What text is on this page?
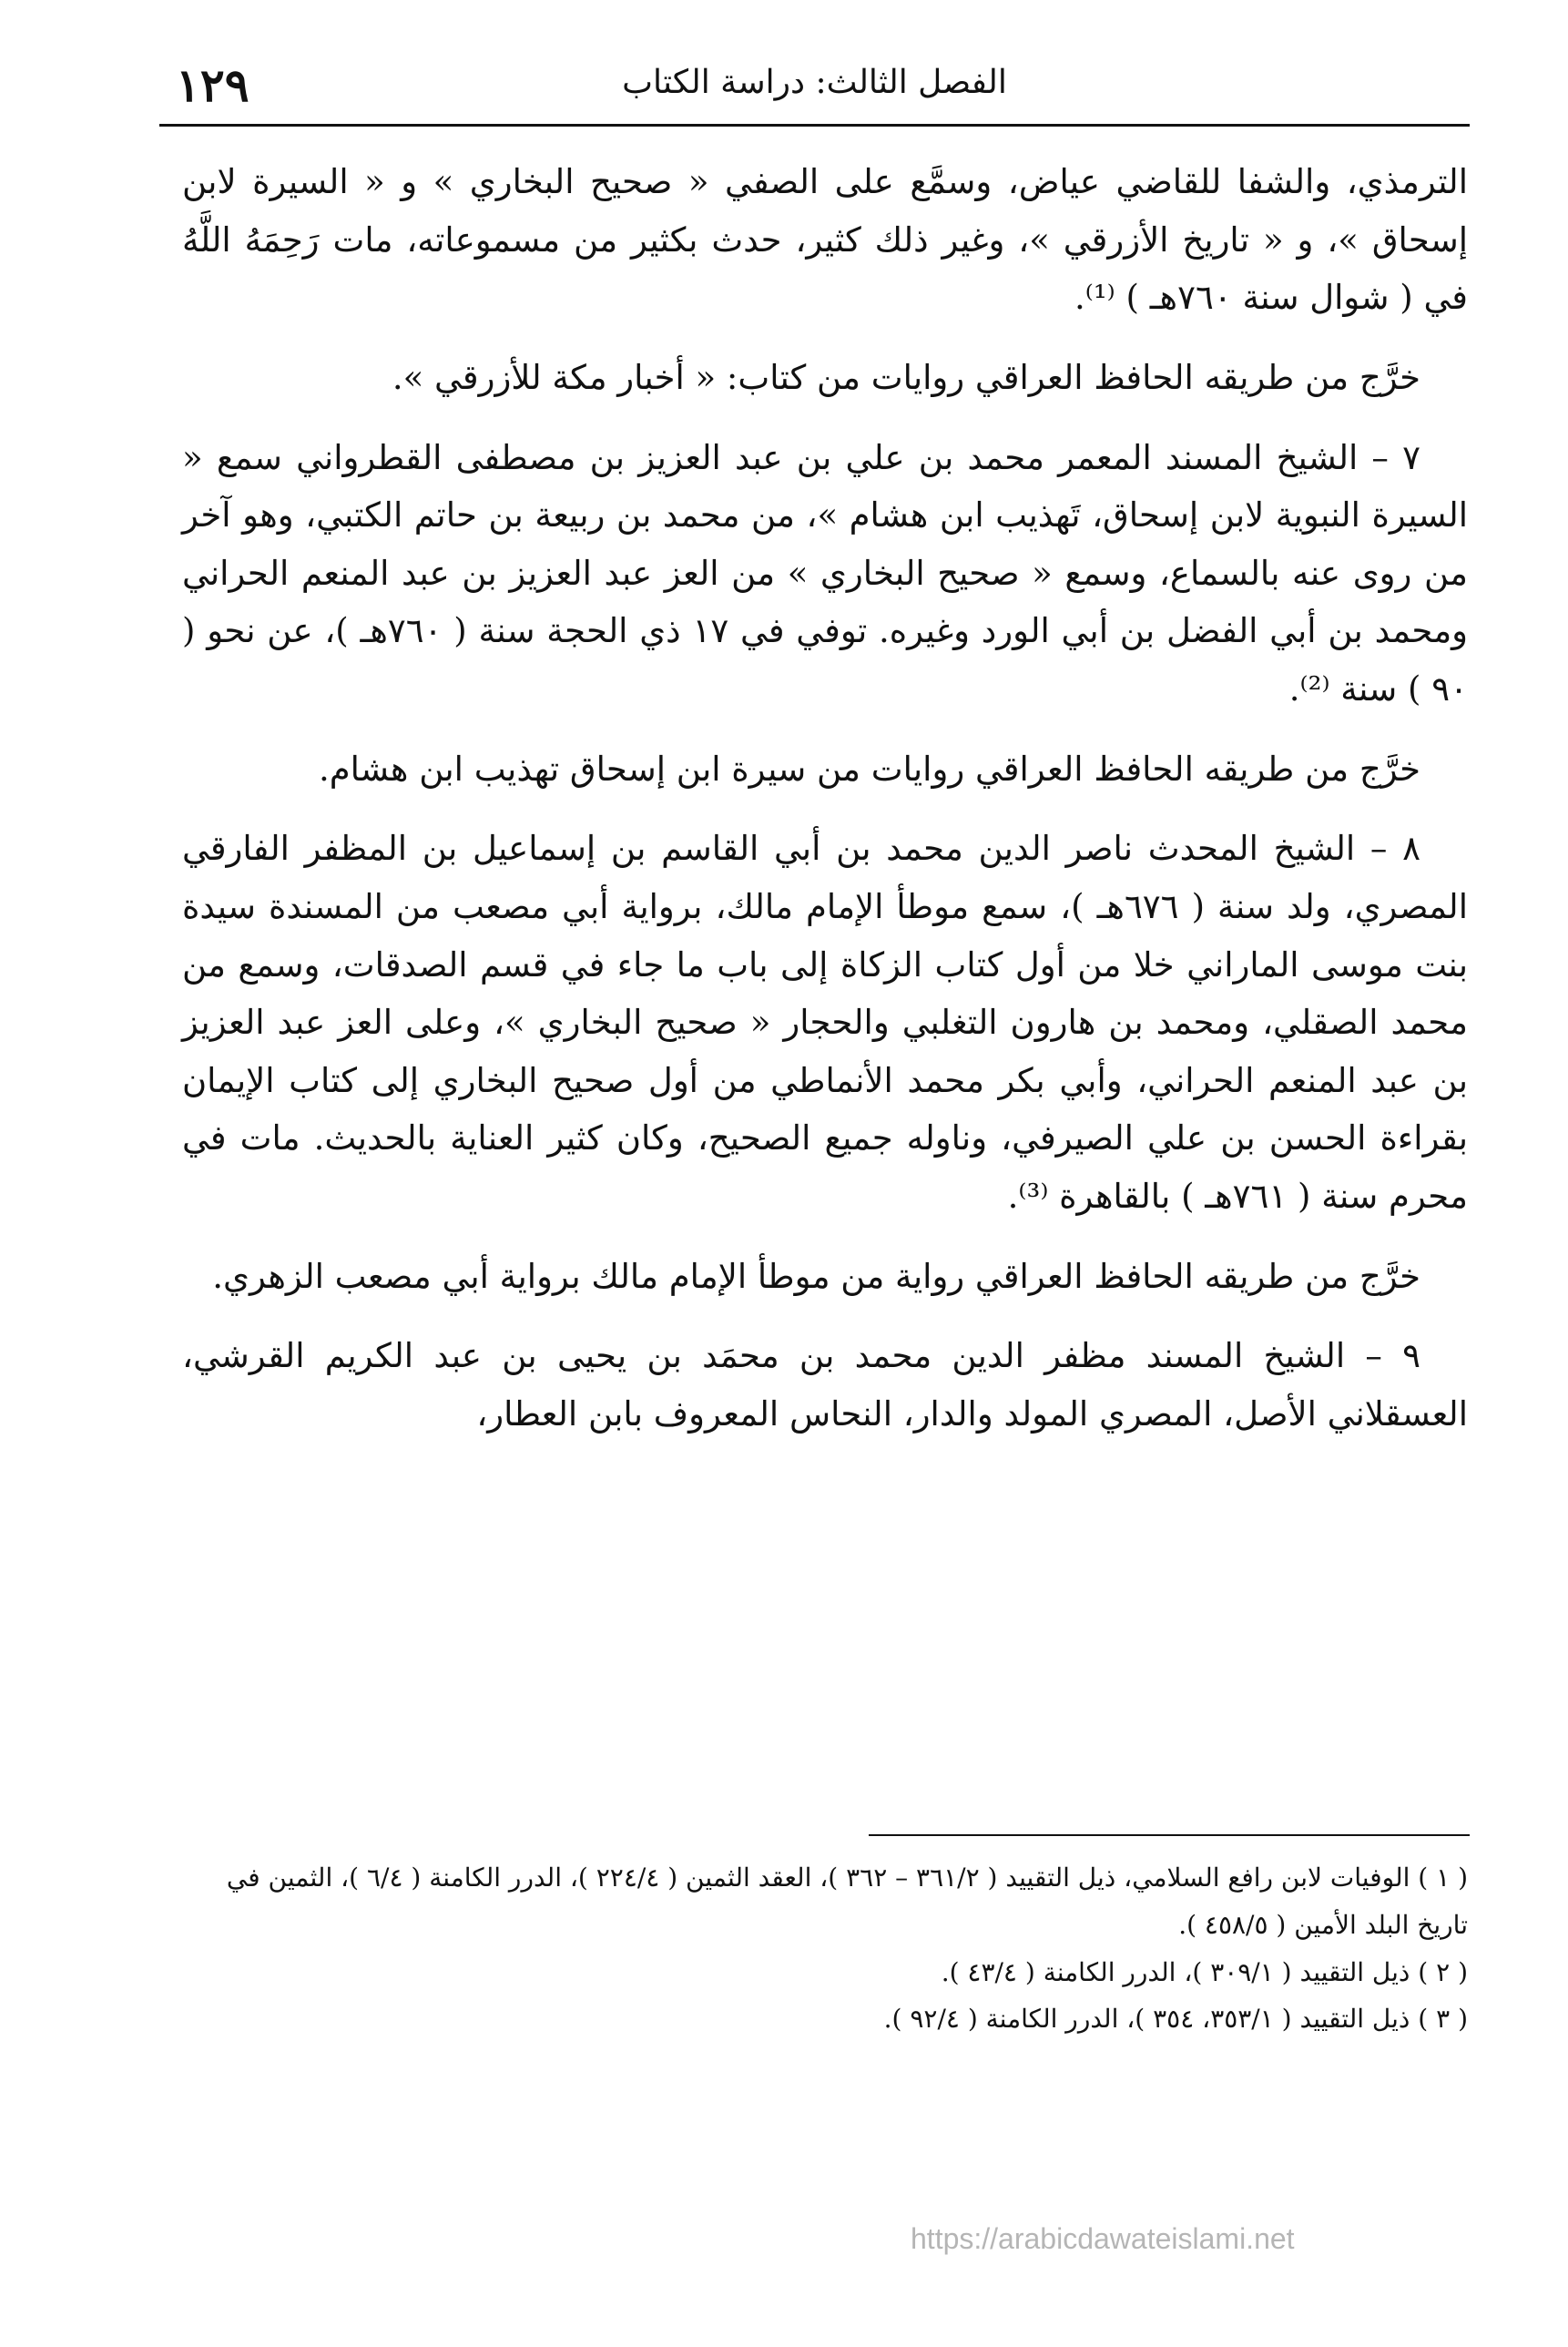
١٢٩	الفصل الثالث: دراسة الكتاب

الترمذي، والشفا للقاضي عياض، وسمَّع على الصفي « صحيح البخاري » و « السيرة لابن إسحاق »، و « تاريخ الأزرقي »، وغير ذلك كثير، حدث بكثير من مسموعاته، مات رَحِمَهُ اللَّهُ في ( شوال سنة ٧٦٠هـ ) ⁽¹⁾.

خرَّج من طريقه الحافظ العراقي روايات من كتاب: « أخبار مكة للأزرقي ».

٧ – الشيخ المسند المعمر محمد بن علي بن عبد العزيز بن مصطفى القطرواني سمع « السيرة النبوية لابن إسحاق، تَهذيب ابن هشام »، من محمد بن ربيعة بن حاتم الكتبي، وهو آخر من روى عنه بالسماع، وسمع « صحيح البخاري » من العز عبد العزيز بن عبد المنعم الحراني ومحمد بن أبي الفضل بن أبي الورد وغيره. توفي في ١٧ ذي الحجة سنة ( ٧٦٠هـ )، عن نحو ( ٩٠ ) سنة ⁽²⁾.

خرَّج من طريقه الحافظ العراقي روايات من سيرة ابن إسحاق تهذيب ابن هشام.

٨ – الشيخ المحدث ناصر الدين محمد بن أبي القاسم بن إسماعيل بن المظفر الفارقي المصري، ولد سنة ( ٦٧٦هـ )، سمع موطأ الإمام مالك، برواية أبي مصعب من المسندة سيدة بنت موسى الماراني خلا من أول كتاب الزكاة إلى باب ما جاء في قسم الصدقات، وسمع من محمد الصقلي، ومحمد بن هارون التغلبي والحجار « صحيح البخاري »، وعلى العز عبد العزيز بن عبد المنعم الحراني، وأبي بكر محمد الأنماطي من أول صحيح البخاري إلى كتاب الإيمان بقراءة الحسن بن علي الصيرفي، وناوله جميع الصحيح، وكان كثير العناية بالحديث. مات في محرم سنة ( ٧٦١هـ ) بالقاهرة ⁽³⁾.

خرَّج من طريقه الحافظ العراقي رواية من موطأ الإمام مالك برواية أبي مصعب الزهري.

٩ – الشيخ المسند مظفر الدين محمد بن محمَد بن يحيى بن عبد الكريم القرشي، العسقلاني الأصل، المصري المولد والدار، النحاس المعروف بابن العطار،

( ١ ) الوفيات لابن رافع السلامي، ذيل التقييد ( ٣٦١/٢ – ٣٦٢ )، العقد الثمين ( ٢٢٤/٤ )، الدرر الكامنة ( ٦/٤ )، الثمين في تاريخ البلد الأمين ( ٤٥٨/٥ ).

( ٢ ) ذيل التقييد ( ٣٠٩/١ )، الدرر الكامنة ( ٤٣/٤ ).

( ٣ ) ذيل التقييد ( ٣٥٣/١، ٣٥٤ )، الدرر الكامنة ( ٩٢/٤ ).

https://arabicdawateislami.net
